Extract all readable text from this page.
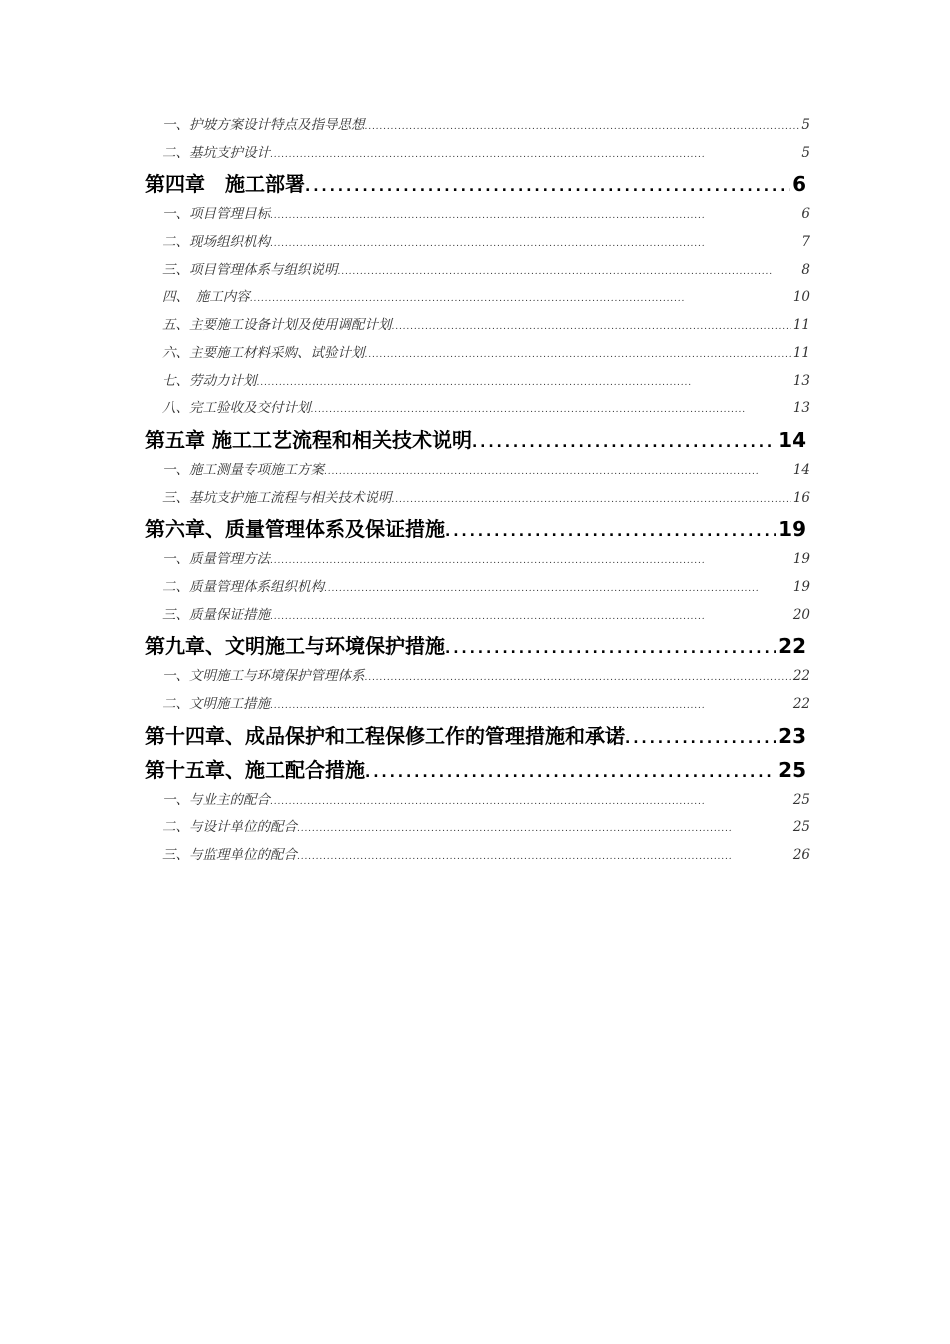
一、护坡方案设计特点及指导思想 . . .	5
二、基坑支护设计 . . .	5
第四章　施工部署 . . .	6
一、项目管理目标 . . .	6
二、现场组织机构 . . .	7
三、项目管理体系与组织说明 . . .	8
四、　施工内容 . . .	10
五、主要施工设备计划及使用调配计划 . . .	11
六、主要施工材料采购、试验计划 . . .	11
七、劳动力计划 . . .	13
八、完工验收及交付计划 . . .	13
第五章 施工工艺流程和相关技术说明 . . .	14
一、施工测量专项施工方案 . . .	14
三、基坑支护施工流程与相关技术说明 . . .	16
第六章、质量管理体系及保证措施 . . .	19
一、质量管理方法 . . .	19
二、质量管理体系组织机构 . . .	19
三、质量保证措施 . . .	20
第九章、文明施工与环境保护措施 . . .	22
一、文明施工与环境保护管理体系 . . .	22
二、文明施工措施 . . .	22
第十四章、成品保护和工程保修工作的管理措施和承诺 . . .	23
第十五章、施工配合措施 . . .	25
一、与业主的配合 . . .	25
二、与设计单位的配合 . . .	25
三、与监理单位的配合 . . .	26
